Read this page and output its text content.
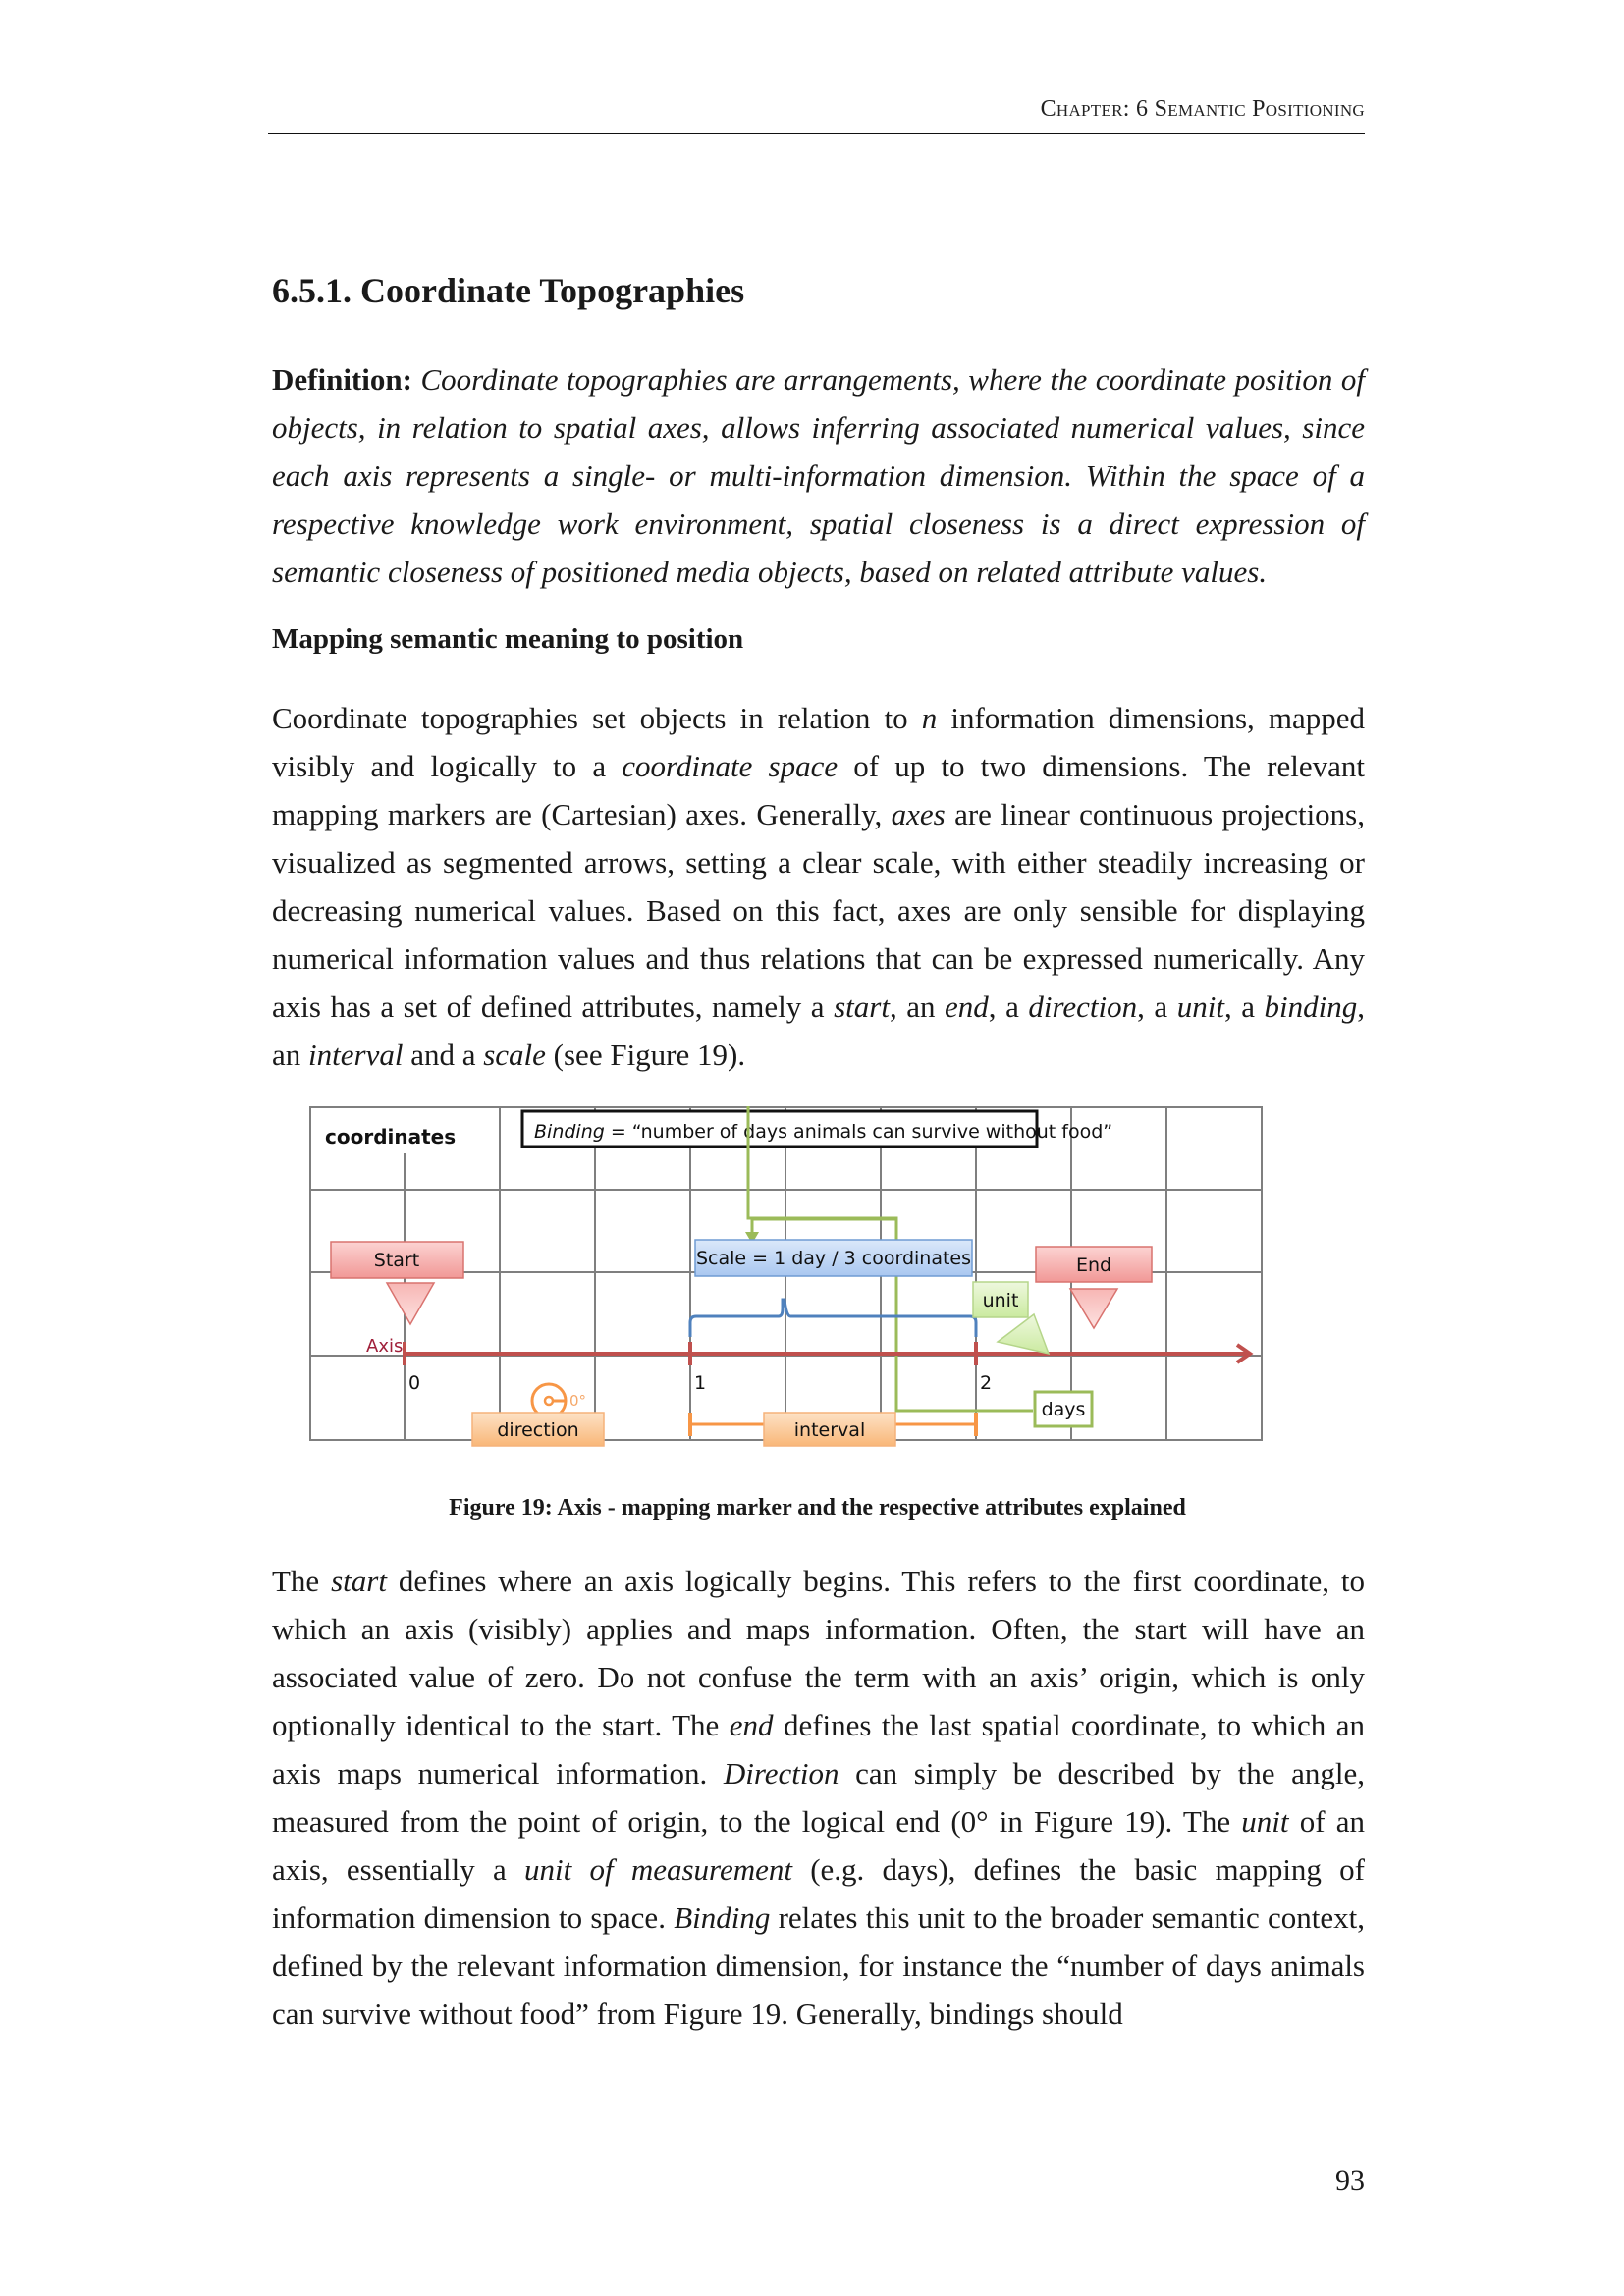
Chapter: 6 Semantic Positioning
6.5.1. Coordinate Topographies

Definition: Coordinate topographies are arrangements, where the coordinate position of objects, in relation to spatial axes, allows inferring associated numerical values, since each axis represents a single- or multi-information dimension. Within the space of a respective knowledge work environment, spatial closeness is a direct expression of semantic closeness of positioned media objects, based on related attribute values.

Mapping semantic meaning to position

Coordinate topographies set objects in relation to n information dimensions, mapped visibly and logically to a coordinate space of up to two dimensions. The relevant mapping markers are (Cartesian) axes. Generally, axes are linear continuous projections, visualized as segmented arrows, setting a clear scale, with either steadily increasing or decreasing numerical values. Based on this fact, axes are only sensible for displaying numerical information values and thus relations that can be expressed numerically. Any axis has a set of defined attributes, namely a start, an end, a direction, a unit, a binding, an interval and a scale (see Figure 19).

coordinates	Binding = “number of days animals can survive without food”
Start	End
Scale = 1 day / 3 coordinates
Axis
0	1	2
unit
days
0°
direction	interval

Figure 19: Axis - mapping marker and the respective attributes explained

The start defines where an axis logically begins. This refers to the first coordinate, to which an axis (visibly) applies and maps information. Often, the start will have an associated value of zero. Do not confuse the term with an axis’ origin, which is only optionally identical to the start. The end defines the last spatial coordinate, to which an axis maps numerical information. Direction can simply be described by the angle, measured from the point of origin, to the logical end (0° in Figure 19). The unit of an axis, essentially a unit of measurement (e.g. days), defines the basic mapping of information dimension to space. Binding relates this unit to the broader semantic context, defined by the relevant information dimension, for instance the “number of days animals can survive without food” from Figure 19. Generally, bindings should

93
